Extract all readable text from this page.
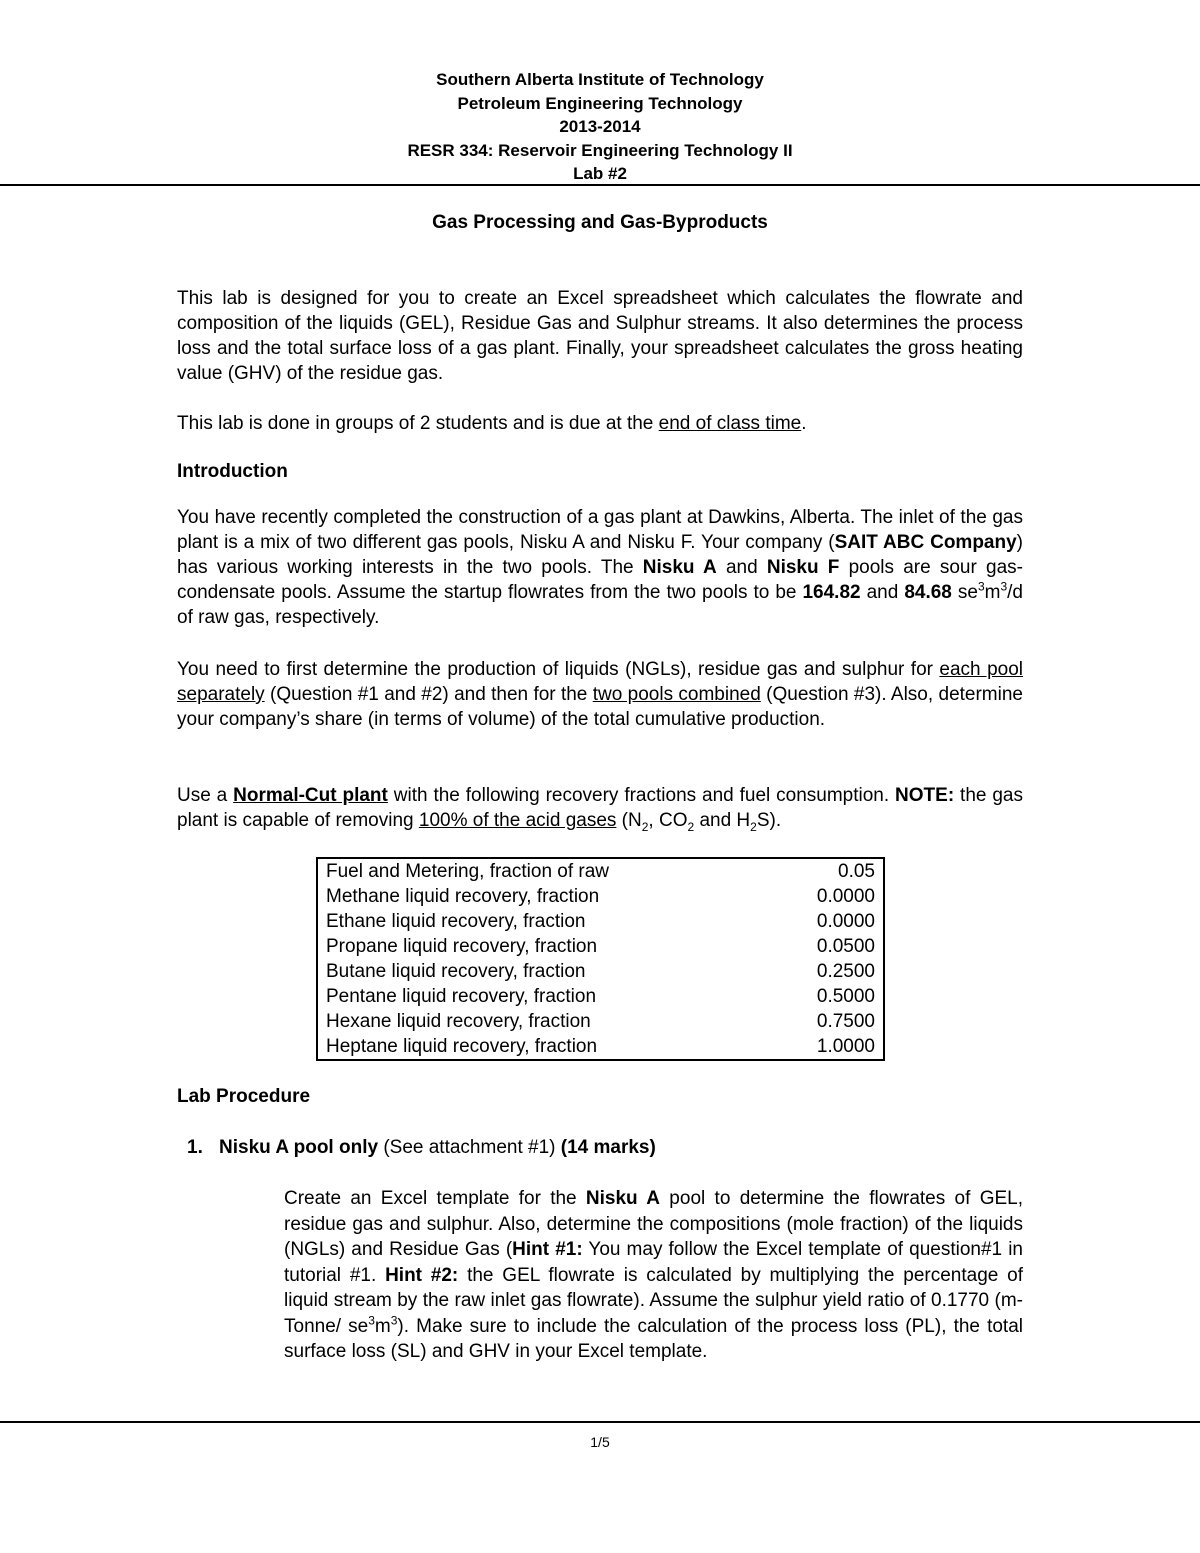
Southern Alberta Institute of Technology
Petroleum Engineering Technology
2013-2014
RESR 334: Reservoir Engineering Technology II
Lab #2
Gas Processing and Gas-Byproducts

This lab is designed for you to create an Excel spreadsheet which calculates the flowrate and composition of the liquids (GEL), Residue Gas and Sulphur streams. It also determines the process loss and the total surface loss of a gas plant. Finally, your spreadsheet calculates the gross heating value (GHV) of the residue gas.

This lab is done in groups of 2 students and is due at the end of class time.

Introduction

You have recently completed the construction of a gas plant at Dawkins, Alberta. The inlet of the gas plant is a mix of two different gas pools, Nisku A and Nisku F. Your company (SAIT ABC Company) has various working interests in the two pools. The Nisku A and Nisku F pools are sour gas-condensate pools. Assume the startup flowrates from the two pools to be 164.82 and 84.68 $se^3m^3/d$ of raw gas, respectively.

You need to first determine the production of liquids (NGLs), residue gas and sulphur for each pool separately (Question #1 and #2) and then for the two pools combined (Question #3). Also, determine your company’s share (in terms of volume) of the total cumulative production.

Use a Normal-Cut plant with the following recovery fractions and fuel consumption. NOTE: the gas plant is capable of removing 100% of the acid gases ($N_2$, $CO_2$ and $H_2S$).

Fuel and Metering, fraction of raw	0.05
Methane liquid recovery, fraction	0.0000
Ethane liquid recovery, fraction	0.0000
Propane liquid recovery, fraction	0.0500
Butane liquid recovery, fraction	0.2500
Pentane liquid recovery, fraction	0.5000
Hexane liquid recovery, fraction	0.7500
Heptane liquid recovery, fraction	1.0000
Lab Procedure
1. Nisku A pool only (See attachment #1) (14 marks)

Create an Excel template for the Nisku A pool to determine the flowrates of GEL, residue gas and sulphur. Also, determine the compositions (mole fraction) of the liquids (NGLs) and Residue Gas (Hint #1: You may follow the Excel template of question#1 in tutorial #1. Hint #2: the GEL flowrate is calculated by multiplying the percentage of liquid stream by the raw inlet gas flowrate). Assume the sulphur yield ratio of 0.1770 (m-Tonne/ $se^3m^3$). Make sure to include the calculation of the process loss (PL), the total surface loss (SL) and GHV in your Excel template.

1/5
